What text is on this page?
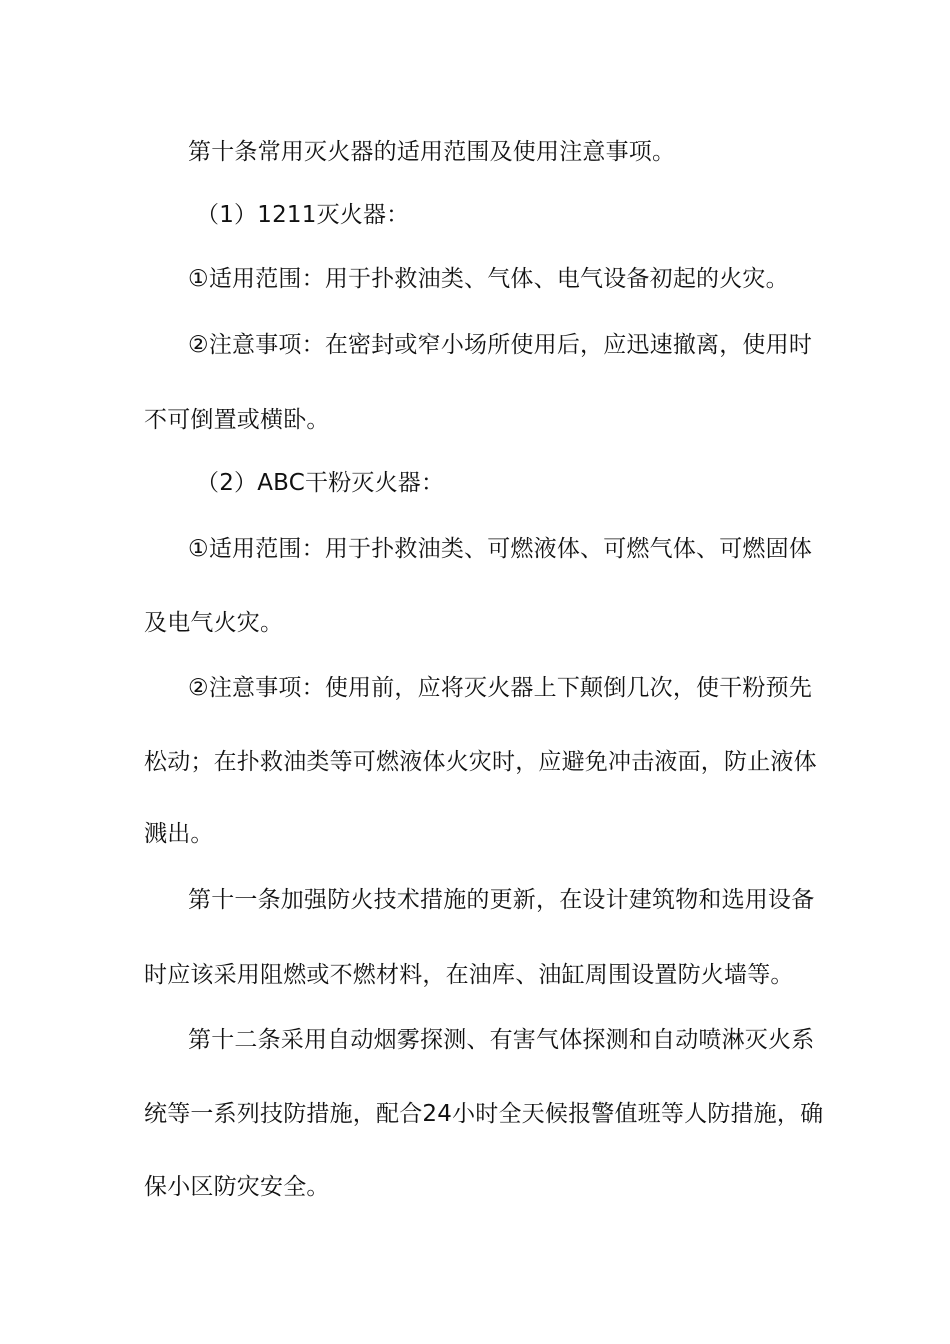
第十条常用灭火器的适用范围及使用注意事项。
（1）1211灭火器：
①适用范围：用于扑救油类、气体、电气设备初起的火灾。
②注意事项：在密封或窄小场所使用后，应迅速撤离，使用时
不可倒置或横卧。
（2）ABC干粉灭火器：
①适用范围：用于扑救油类、可燃液体、可燃气体、可燃固体
及电气火灾。
②注意事项：使用前，应将灭火器上下颠倒几次，使干粉预先
松动；在扑救油类等可燃液体火灾时，应避免冲击液面，防止液体
溅出。
第十一条加强防火技术措施的更新，在设计建筑物和选用设备
时应该采用阻燃或不燃材料，在油库、油缸周围设置防火墙等。
第十二条采用自动烟雾探测、有害气体探测和自动喷淋灭火系
统等一系列技防措施，配合24小时全天候报警值班等人防措施，确
保小区防灾安全。
